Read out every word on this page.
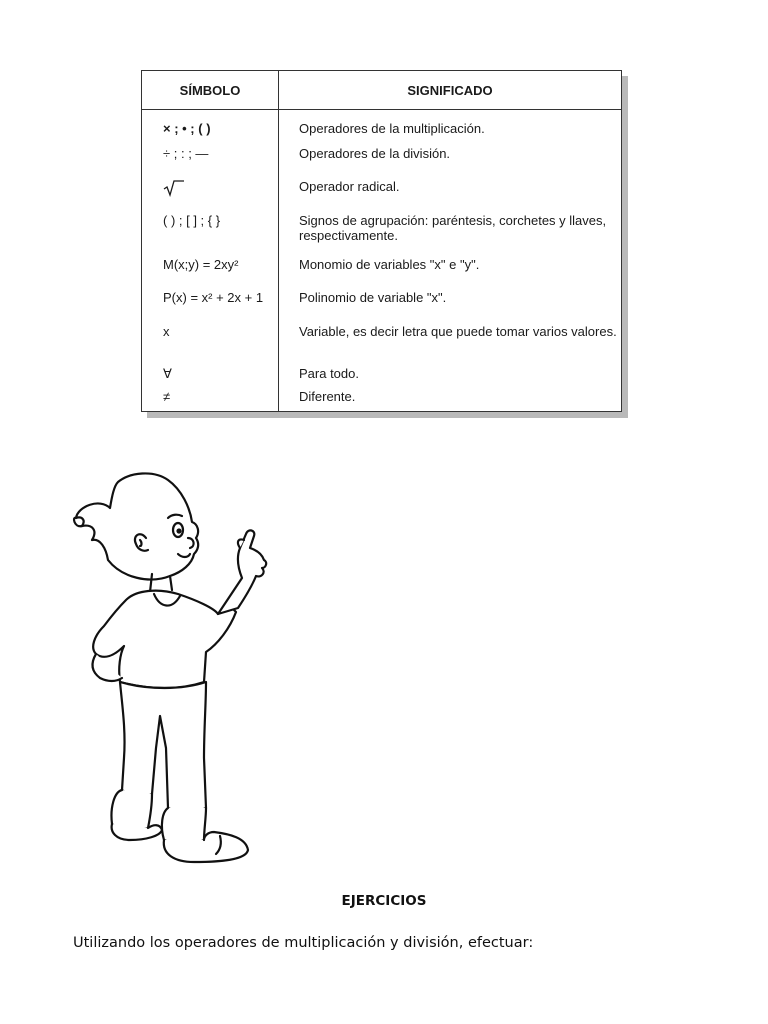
SÍMBOLO	SIGNIFICADO
× ; • ; ( )	Operadores de la multiplicación.
÷ ; : ; —	Operadores de la división.
	Operador radical.
( ) ; [ ] ; { }	Signos de agrupación: paréntesis, corchetes y llaves, respectivamente.
M(x;y) = 2xy²	Monomio de variables "x" e "y".
P(x) = x² + 2x + 1	Polinomio de variable "x".
x	Variable, es decir letra que puede tomar varios valores.
∀	Para todo.
≠	Diferente.
EJERCICIOS
Utilizando los operadores de multiplicación y división, efectuar:
